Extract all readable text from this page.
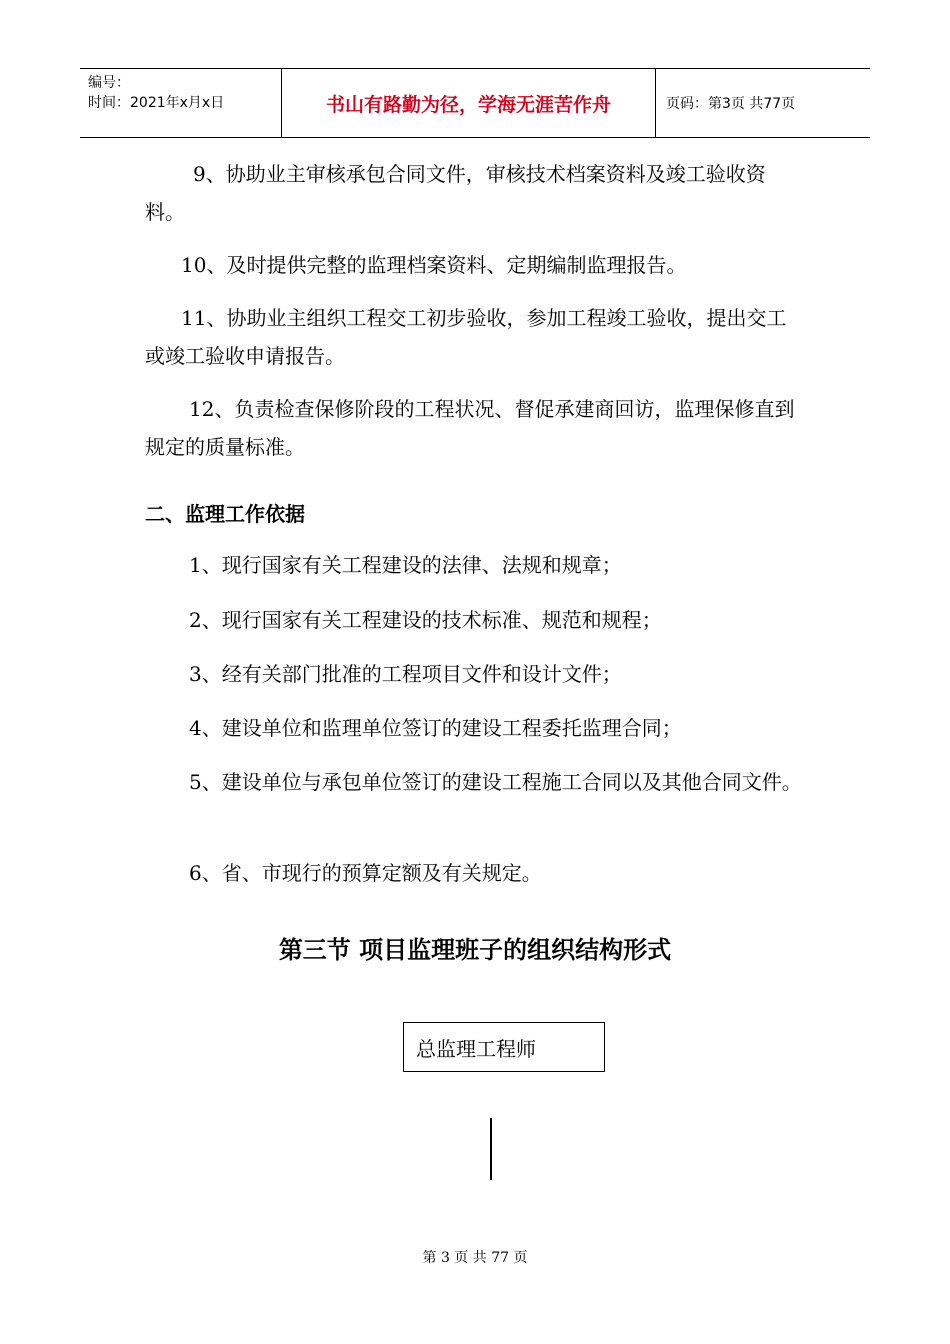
编号：
时间：2021年x月x日	书山有路勤为径，学海无涯苦作舟	页码：第3页 共77页

9、协助业主审核承包合同文件，审核技术档案资料及竣工验收资料。

10、及时提供完整的监理档案资料、定期编制监理报告。

11、协助业主组织工程交工初步验收，参加工程竣工验收，提出交工或竣工验收申请报告。

12、负责检查保修阶段的工程状况、督促承建商回访，监理保修直到规定的质量标准。

二、监理工作依据

1、现行国家有关工程建设的法律、法规和规章；

2、现行国家有关工程建设的技术标准、规范和规程；

3、经有关部门批准的工程项目文件和设计文件；

4、建设单位和监理单位签订的建设工程委托监理合同；

5、建设单位与承包单位签订的建设工程施工合同以及其他合同文件。

6、省、市现行的预算定额及有关规定。

第三节 项目监理班子的组织结构形式

总监理工程师
第 3 页 共 77 页
